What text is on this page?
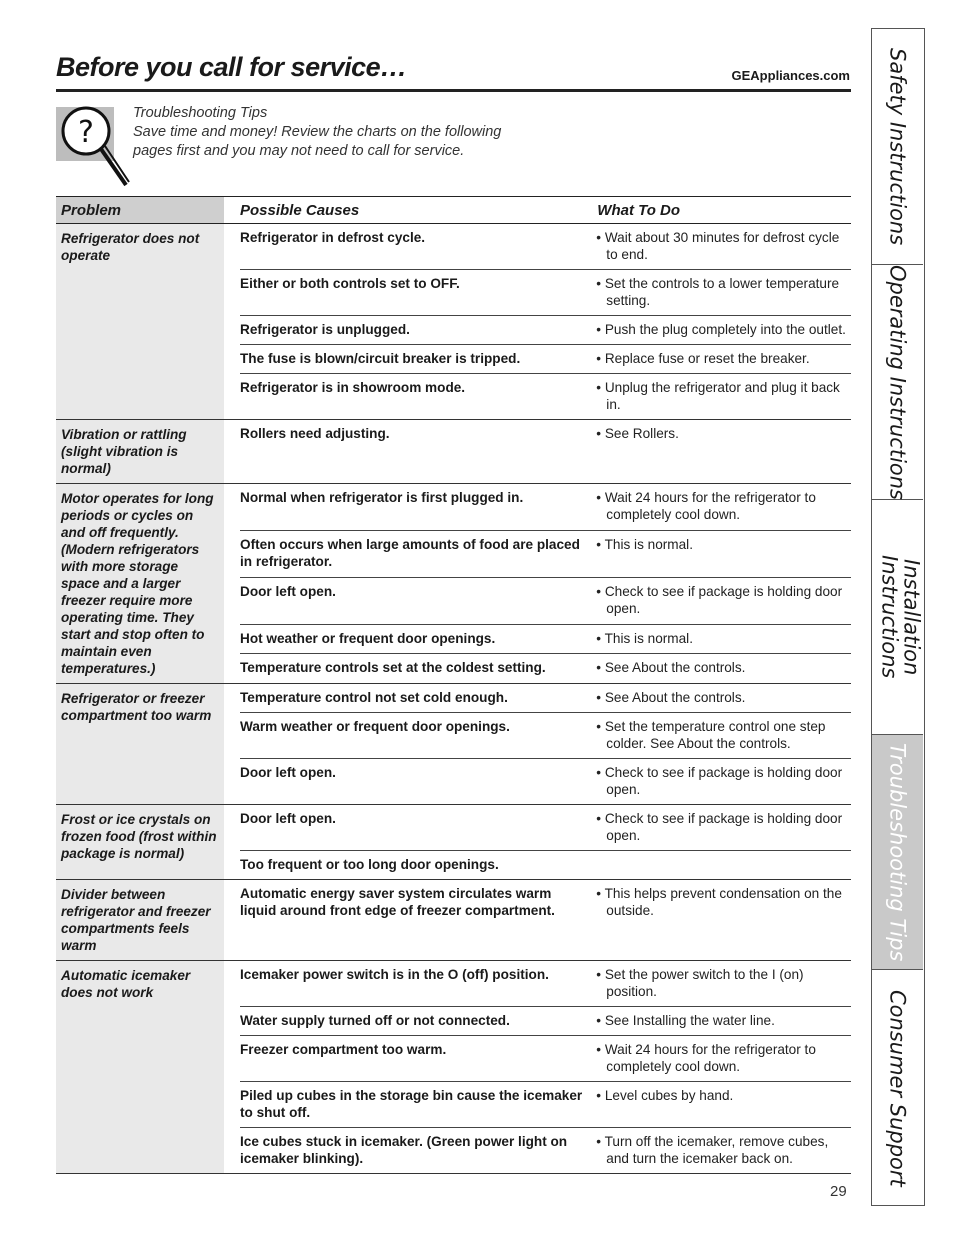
Before you call for service…	GEAppliances.com
?
Troubleshooting Tips
Save time and money! Review the charts on the following
pages first and you may not need to call for service.
Problem	Possible Causes		What To Do
Refrigerator does not operate		Refrigerator in defrost cycle.	• Wait about 30 minutes for defrost cycle to end.

		Either or both controls set to OFF.	• Set the controls to a lower temperature setting.

		Refrigerator is unplugged.	• Push the plug completely into the outlet.

		The fuse is blown/circuit breaker is tripped.	• Replace fuse or reset the breaker.

		Refrigerator is in showroom mode.	• Unplug the refrigerator and plug it back in.

Vibration or rattling (slight vibration is normal)		Rollers need adjusting.	• See Rollers.

Motor operates for long periods or cycles on and off frequently. (Modern refrigerators with more storage space and a larger freezer require more operating time. They start and stop often to maintain even temperatures.)		Normal when refrigerator is first plugged in.	• Wait 24 hours for the refrigerator to completely cool down.

		Often occurs when large amounts of food are placed in refrigerator.	• This is normal.

		Door left open.	• Check to see if package is holding door open.

		Hot weather or frequent door openings.	• This is normal.

		Temperature controls set at the coldest setting.	• See About the controls.

Refrigerator or freezer compartment too warm		Temperature control not set cold enough.	• See About the controls.

		Warm weather or frequent door openings.	• Set the temperature control one step colder. See About the controls.

		Door left open.	• Check to see if package is holding door open.

Frost or ice crystals on frozen food (frost within package is normal)		Door left open.	• Check to see if package is holding door open.

		Too frequent or too long door openings.	

Divider between refrigerator and freezer compartments feels warm		Automatic energy saver system circulates warm liquid around front edge of freezer compartment.	• This helps prevent condensation on the outside.

Automatic icemaker does not work		Icemaker power switch is in the O (off) position.	• Set the power switch to the I (on) position.

		Water supply turned off or not connected.	• See Installing the water line.

		Freezer compartment too warm.	• Wait 24 hours for the refrigerator to completely cool down.

		Piled up cubes in the storage bin cause the icemaker to shut off.	• Level cubes by hand.

		Ice cubes stuck in icemaker. (Green power light on icemaker blinking).	• Turn off the icemaker, remove cubes, and turn the icemaker back on.
Safety Instructions
Operating Instructions
Installation Instructions
Troubleshooting Tips
Consumer Support
29
